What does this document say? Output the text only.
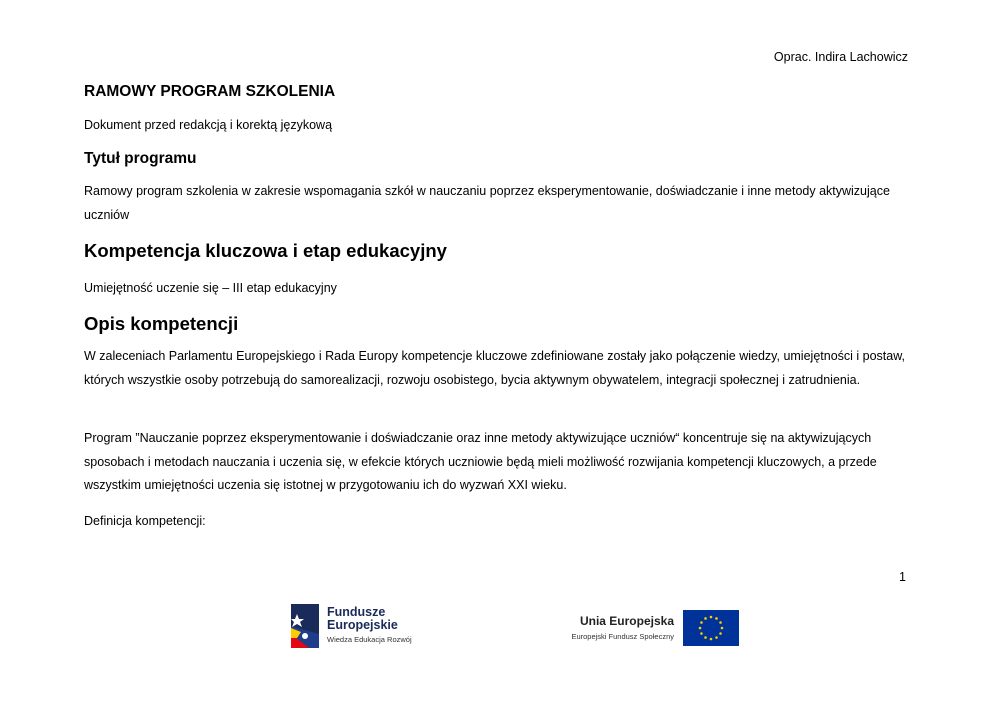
Oprac. Indira Lachowicz
RAMOWY PROGRAM SZKOLENIA

Dokument przed redakcją i korektą językową

Tytuł programu

Ramowy program szkolenia w zakresie wspomagania szkół w nauczaniu poprzez eksperymentowanie, doświadczanie i inne metody aktywizujące uczniów

Kompetencja kluczowa i etap edukacyjny

Umiejętność uczenie się – III etap edukacyjny

Opis kompetencji

W zaleceniach Parlamentu Europejskiego i Rada Europy kompetencje kluczowe zdefiniowane zostały jako połączenie wiedzy, umiejętności i postaw, których wszystkie osoby potrzebują do samorealizacji, rozwoju osobistego, bycia aktywnym obywatelem, integracji społecznej i zatrudnienia.

Program ”Nauczanie poprzez eksperymentowanie i doświadczanie oraz inne metody aktywizujące uczniów“ koncentruje się na aktywizujących sposobach i metodach nauczania i uczenia się, w efekcie których uczniowie będą mieli możliwość rozwijania kompetencji kluczowych, a przede wszystkim umiejętności uczenia się istotnej w przygotowaniu ich do wyzwań XXI wieku.

Definicja kompetencji:

1
Fundusze
Europejskie
Wiedza Edukacja Rozwój
Unia Europejska
Europejski Fundusz Społeczny
